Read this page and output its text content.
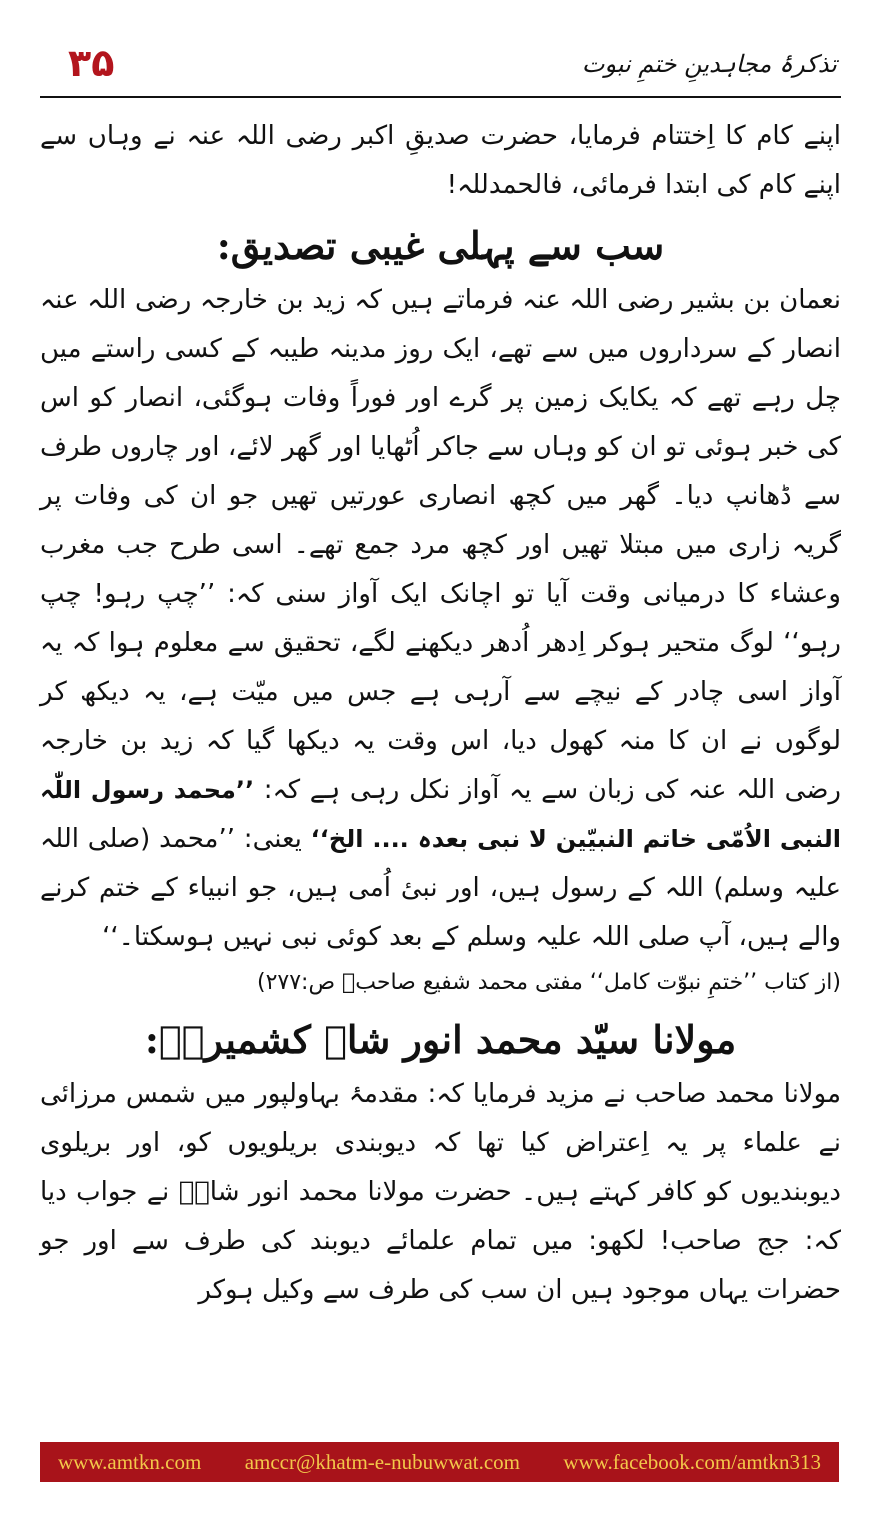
۳۵	تذکرۂ مجاہدینِ ختمِ نبوت

اپنے کام کا اِختتام فرمایا، حضرت صدیقِ اکبر رضی اللہ عنہ نے وہاں سے اپنے کام کی ابتدا فرمائی، فالحمدللہ!

سب سے پہلی غیبی تصدیق:

نعمان بن بشیر رضی اللہ عنہ فرماتے ہیں کہ زید بن خارجہ رضی اللہ عنہ انصار کے سرداروں میں سے تھے، ایک روز مدینہ طیبہ کے کسی راستے میں چل رہے تھے کہ یکایک زمین پر گرے اور فوراً وفات ہوگئی، انصار کو اس کی خبر ہوئی تو ان کو وہاں سے جاکر اُٹھایا اور گھر لائے، اور چاروں طرف سے ڈھانپ دیا۔ گھر میں کچھ انصاری عورتیں تھیں جو ان کی وفات پر گریہ زاری میں مبتلا تھیں اور کچھ مرد جمع تھے۔ اسی طرح جب مغرب وعشاء کا درمیانی وقت آیا تو اچانک ایک آواز سنی کہ: ’’چپ رہو! چپ رہو‘‘ لوگ متحیر ہوکر اِدھر اُدھر دیکھنے لگے، تحقیق سے معلوم ہوا کہ یہ آواز اسی چادر کے نیچے سے آرہی ہے جس میں میّت ہے، یہ دیکھ کر لوگوں نے ان کا منہ کھول دیا، اس وقت یہ دیکھا گیا کہ زید بن خارجہ رضی اللہ عنہ کی زبان سے یہ آواز نکل رہی ہے کہ: ’’محمد رسول اللّٰہ النبی الاُمّی خاتم النبیّین لا نبی بعدہ .... الخ‘‘ یعنی: ’’محمد (صلی اللہ علیہ وسلم) اللہ کے رسول ہیں، اور نبیٔ اُمی ہیں، جو انبیاء کے ختم کرنے والے ہیں، آپ صلی اللہ علیہ وسلم کے بعد کوئی نبی نہیں ہوسکتا۔‘‘

(از کتاب ’’ختمِ نبوّت کامل‘‘ مفتی محمد شفیع صاحبؒ ص:۲۷۷)

مولانا سیّد محمد انور شاہ کشمیریؒ:

مولانا محمد صاحب نے مزید فرمایا کہ: مقدمۂ بہاولپور میں شمس مرزائی نے علماء پر یہ اِعتراض کیا تھا کہ دیوبندی بریلویوں کو، اور بریلوی دیوبندیوں کو کافر کہتے ہیں۔ حضرت مولانا محمد انور شاہؒ نے جواب دیا کہ: جج صاحب! لکھو: میں تمام علمائے دیوبند کی طرف سے اور جو حضرات یہاں موجود ہیں ان سب کی طرف سے وکیل ہوکر

www.amtkn.com amccr@khatm-e-nubuwwat.com www.facebook.com/amtkn313
